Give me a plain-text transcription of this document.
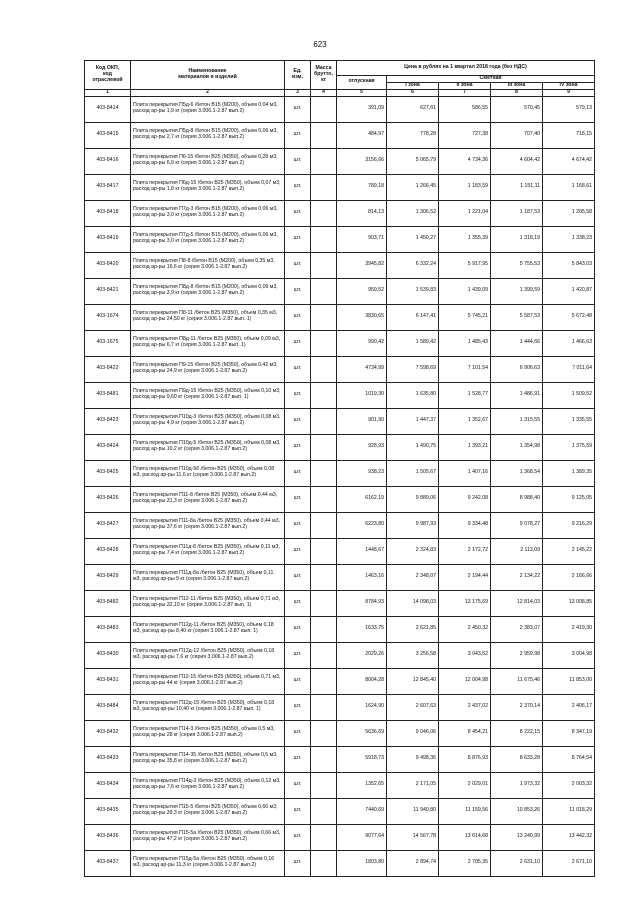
623
Код ОКП,
код
отраслевой	Наименование
материалов и изделий	Ед.
изм.	Масса
брутто,
кг	Цена в рублях на 1 квартал 2018 года (без НДС)				
				отпускная	Сметная			
					I зона	II зона	III зона	IV зона
1	2	3	4	5	6	7	8	9
403-8414	Плита перекрытия П5д-6 /бетон В15 (М200), объем 0,04 м3, расход ар-ры 1,9 кг (серия 3.006.1-2.87 вып.2)	шт.		391,09	627,61	586,55	570,45	579,13
403-8415	Плита перекрытия П5д-8 /бетон В15 (М200), объем 0,06 м3, расход ар-ры 2,7 кг (серия 3.006.1-2.87 вып.2)	шт.		484,97	778,28	727,38	707,40	718,15
403-8416	Плита перекрытия П6-15 /бетон В25 (М350), объем 0,28 м3, расход ар-ры 6,9 кг (серия 3.006.1-2.87 вып.2)	шт.		3156,66	5 065,79	4 734,36	4 604,42	4 674,42
403-8417	Плита перекрытия П6д-15 /бетон В25 (М350), объем 0,07 м3, расход ар-ры 1,8 кг (серия 3.006.1-2.87 вып.2)	шт.		789,18	1 266,45	1 183,59	1 151,11	1 168,61
403-8418	Плита перекрытия П7д-3 /бетон В15 (М200), объем 0,06 м3, расход ар-ры 3,0 кг (серия 3.006.1-2.87 вып.2)	шт.		814,13	1 306,52	1 221,04	1 187,53	1 205,58
403-8419	Плита перекрытия П7д-5 /бетон В15 (М200), объем 0,06 м3, расход ар-ры 3,0 кг (серия 3.006.1-2.87 вып.2)	шт.		903,71	1 450,27	1 355,39	1 318,19	1 338,23
403-8420	Плита перекрытия П8-8 /бетон В15 (М200), объем 0,35 м3, расход ар-ры 16,6 кг (серия 3.006.1-2.87 вып.2)	шт.		3945,82	6 332,24	5 917,95	5 755,53	5 843,03
403-8421	Плита перекрытия П8д-8 /бетон В15 (М200), объем 0,09 м3, расход ар-ры 3,9 кг (серия 3.006.1-2.87 вып.2)	шт.		959,52	1 539,83	1 439,09	1 399,59	1 420,87
403-1674	Плита перекрытия П8-11 /бетон В25 (М350), объем 0,35 м3, расход ар-ры 24,50 кг (серия 3.006.1-2.87 вып. 1)	шт.		3830,65	6 147,41	5 745,21	5 587,53	5 672,48
403-1675	Плита перекрытия П8д-11 /бетон В25 (М350), объем 0,09 м3, расход ар-ры 6,7 кг (серия 3.006.1-2.87 вып. 1)	шт.		990,42	1 589,42	1 485,43	1 444,66	1 466,63
403-8422	Плита перекрытия П9-15 /бетон В25 (М350), объем 0,42 м3, расход ар-ры 24,9 кг (серия 3.006.1-2.87 вып.2)	шт.		4734,99	7 598,69	7 101,54	6 906,63	7 011,64
403-8481	Плита перекрытия П9д-15 /бетон В25 (М350), объем 0,10 м3, расход ар-ры 9,60 кг (серия 3.006.1-2.87 вып. 1)	шт.		1019,30	1 635,80	1 528,77	1 486,91	1 509,52
403-8423	Плита перекрытия П10д-3 /бетон В25 (М350), объем 0,08 м3, расход ар-ры 4,9 кг (серия 3.006.1-2.87 вып.2)	шт.		901,90	1 447,37	1 352,67	1 315,55	1 335,55
403-8424	Плита перекрытия П10д-5 /бетон В25 (М350), объем 0,08 м3, расход ар-ры 10,2 кг (серия 3.006.1-2.87 вып.2)	шт.		928,93	1 490,75	1 393,21	1 354,98	1 375,59
403-8425	Плита перекрытия П10д-56 /бетон В25 (М350), объем 0,08 м3, расход ар-ры 11,6 кг (серия 3.006.1-2.87 вып.2)	шт.		938,23	1 505,67	1 407,16	1 368,54	1 389,35
403-8426	Плита перекрытия П11-8 /бетон В25 (М350), объем 0,44 м3, расход ар-ры 31,3 кг (серия 3.006.1-2.87 вып.2)	шт.		6162,19	9 889,06	9 242,08	8 988,40	9 125,05
403-8427	Плита перекрытия П11-8а /бетон В25 (М350), объем 0,44 м3, расход ар-ры 37,6 кг (серия 3.006.1-2.87 вып.2)	шт.		6223,80	9 987,93	9 334,48	9 078,27	9 216,29
403-8428	Плита перекрытия П11д-8 /бетон В25 (М350), объем 0,11 м3, расход ар-ры 7,4 кг (серия 3.006.1-2.87 вып.2)	шт.		1448,67	2 324,83	2 172,72	2 113,09	2 145,22
403-8429	Плита перекрытия П11д-8а /бетон В25 (М350), объем 0,11 м3, расход ар-ры 9 кг (серия 3.006.1-2.87 вып.2)	шт.		1463,16	2 348,07	2 194,44	2 134,22	2 166,66
403-8482	Плита перекрытия П12-11 /бетон В25 (М350), объем 0,71 м3, расход ар-ры 32,10 кг (серия 3.006.1-2.87 вып. 1)	шт.		8784,93	14 098,03	13 175,69	12 814,03	13 008,85
403-8483	Плита перекрытия П12д-11 /бетон В25 (М350), объем 0,18 м3, расход ар-ры 8,40 кг (серия 3.006.1-2.87 вып. 1)	шт.		1633,75	2 621,85	2 450,32	2 383,07	2 419,30
403-8430	Плита перекрытия П12д-12 /бетон В25 (М350), объем 0,18 м3, расход ар-ры 7,6 кг (серия 3.006.1-2.87 вып.2)	шт.		2029,26	3 256,58	3 043,52	2 959,98	3 004,98
403-8431	Плита перекрытия П12-15 /бетон В25 (М350), объем 0,71 м3, расход ар-ры 44 кг (серия 3.006.1-2.87 вып.2)	шт.		8004,28	12 845,40	12 004,98	11 675,46	11 853,00
403-8484	Плита перекрытия П12д-15 /бетон В25 (М350), объем 0,18 м3, расход ар-ры 10,40 кг (серия 3.006.1-2.87 вып. 1)	шт.		1624,90	2 607,63	2 437,02	2 370,14	2 406,17
403-8432	Плита перекрытия П14-3 /бетон В25 (М350), объем 0,5 м3, расход ар-ры 28 кг (серия 3.006.1-2.87 вып.2)	шт.		5636,69	9 046,06	8 454,21	8 222,15	8 347,19
403-8433	Плита перекрытия П14-35 /бетон В25 (М350), объем 0,5 м3, расход ар-ры 35,8 кг (серия 3.006.1-2.87 вып.2)	шт.		5918,73	9 498,36	8 876,93	8 633,28	8 764,54
403-8434	Плита перекрытия П14д-3 /бетон В25 (М350), объем 0,12 м3, расход ар-ры 7,6 кг (серия 3.006.1-2.87 вып.2)	шт.		1352,65	2 171,05	2 029,01	1 973,32	2 003,32
403-8435	Плита перекрытия П15-5 /бетон В25 (М350), объем 0,66 м3, расход ар-ры 39,3 кг (серия 3.006.1-2.87 вып.2)	шт.		7440,69	11 940,80	11 159,56	10 853,26	11 018,29
403-8436	Плита перекрытия П15-5а /бетон В25 (М350), объем 0,66 м3, расход ар-ры 47,2 кг (серия 3.006.1-2.87 вып.2)	шт.		9077,64	14 567,78	13 614,68	13 240,99	13 442,32
403-8437	Плита перекрытия П15д-5а /бетон В25 (М350), объем 0,16 м3, расход ар-ры 11,3 кг (серия 3.006.1-2.87 вып.2)	шт.		1803,80	2 894,74	2 705,35	2 631,10	2 671,10
